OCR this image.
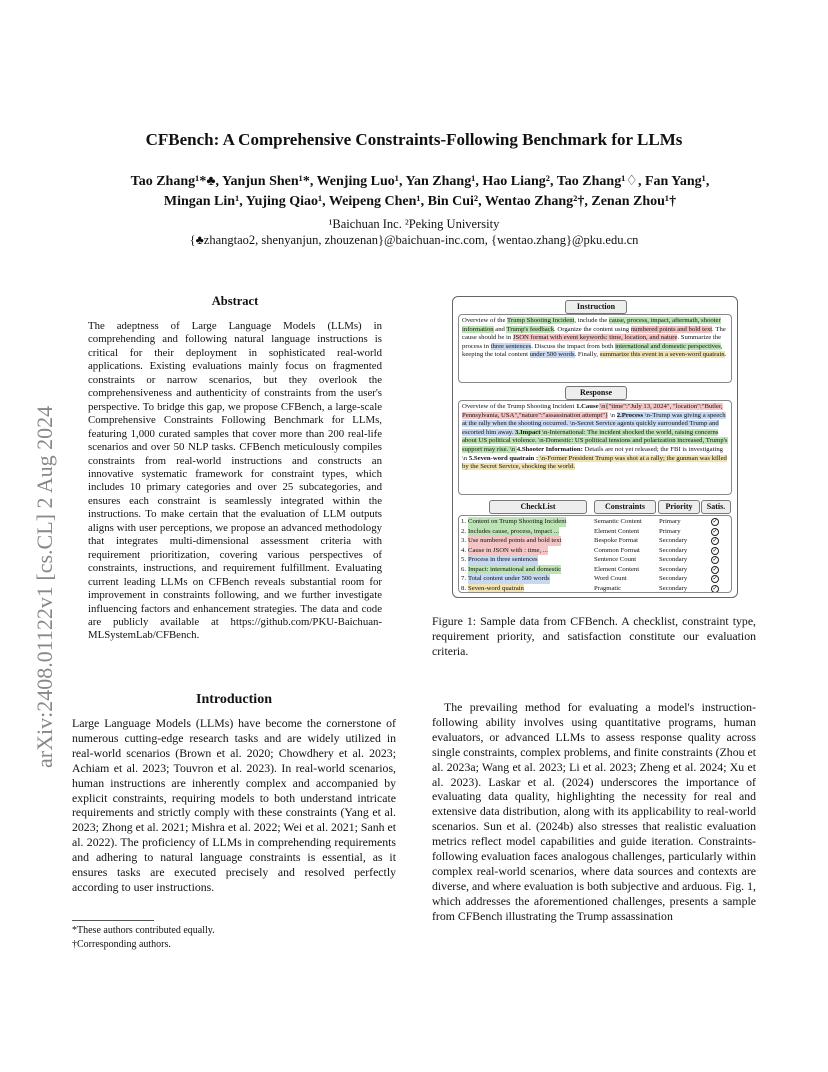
CFBench: A Comprehensive Constraints-Following Benchmark for LLMs
Tao Zhang¹*♣, Yanjun Shen¹*, Wenjing Luo¹, Yan Zhang¹, Hao Liang², Tao Zhang¹♢, Fan Yang¹,
Mingan Lin¹, Yujing Qiao¹, Weipeng Chen¹, Bin Cui², Wentao Zhang²†, Zenan Zhou¹†
¹Baichuan Inc. ²Peking University
{♣zhangtao2, shenyanjun, zhouzenan}@baichuan-inc.com, {wentao.zhang}@pku.edu.cn
arXiv:2408.01122v1 [cs.CL] 2 Aug 2024
Abstract
The adeptness of Large Language Models (LLMs) in comprehending and following natural language instructions is critical for their deployment in sophisticated real-world applications. Existing evaluations mainly focus on fragmented constraints or narrow scenarios, but they overlook the comprehensiveness and authenticity of constraints from the user's perspective. To bridge this gap, we propose CFBench, a large-scale Comprehensive Constraints Following Benchmark for LLMs, featuring 1,000 curated samples that cover more than 200 real-life scenarios and over 50 NLP tasks. CFBench meticulously compiles constraints from real-world instructions and constructs an innovative systematic framework for constraint types, which includes 10 primary categories and over 25 subcategories, and ensures each constraint is seamlessly integrated within the instructions. To make certain that the evaluation of LLM outputs aligns with user perceptions, we propose an advanced methodology that integrates multi-dimensional assessment criteria with requirement prioritization, covering various perspectives of constraints, instructions, and requirement fulfillment. Evaluating current leading LLMs on CFBench reveals substantial room for improvement in constraints following, and we further investigate influencing factors and enhancement strategies. The data and code are publicly available at https://github.com/PKU-Baichuan-MLSystemLab/CFBench.
Introduction
Large Language Models (LLMs) have become the cornerstone of numerous cutting-edge research tasks and are widely utilized in real-world scenarios (Brown et al. 2020; Chowdhery et al. 2023; Achiam et al. 2023; Touvron et al. 2023). In real-world scenarios, human instructions are inherently complex and accompanied by explicit constraints, requiring models to both understand intricate requirements and strictly comply with these constraints (Yang et al. 2023; Zhong et al. 2021; Mishra et al. 2022; Wei et al. 2021; Sanh et al. 2022). The proficiency of LLMs in comprehending requirements and adhering to natural language constraints is essential, as it ensures tasks are executed precisely and resolved perfectly according to user instructions.
*These authors contributed equally.
†Corresponding authors.
Instruction
Overview of the Trump Shooting Incident, include the cause, process, impact, aftermath, shooter information and Trump's feedback. Organize the content using numbered points and bold text. The cause should be in JSON format with event keywords: time, location, and nature. Summarize the process in three sentences. Discuss the impact from both international and domestic perspectives, keeping the total content under 500 words. Finally, summarize this event in a seven-word quatrain.
Response
Overview of the Trump Shooting Incident 1.Cause \n{"time":"July 13, 2024", "location":"Butler, Pennsylvania, USA","nature":"assassination attempt"} \n 2.Process \n-Trump was giving a speech at the rally when the shooting occurred. \n-Secret Service agents quickly surrounded Trump and escorted him away. 3.Impact \n-International: The incident shocked the world, raising concerns about US political violence. \n-Domestic: US political tensions and polarization increased, Trump's support may rise. \n 4.Shooter Information: Details are not yet released; the FBI is investigating \n 5.Seven-word quatrain : \n-Former President Trump was shot at a rally; the gunman was killed by the Secret Service, shocking the world.
CheckList	Constraints	Priority	Satis.
1. Content on Trump Shooting Incident	Semantic Content	Primary	✓
2. Includes cause, process, impact ...	Element Content	Primary	✓
3. Use numbered points and bold text	Bespoke Format	Secondary	✓
4. Cause in JSON with : time, ...	Common Format	Secondary	✓
5. Process in three sentences	Sentence Count	Secondary	✓
6. Impact: international and domestic	Element Content	Secondary	✓
7. Total content under 500 words	Word Count	Secondary	✓
8. Seven-word quatrain	Pragmatic	Secondary	✓
Figure 1: Sample data from CFBench. A checklist, constraint type, requirement priority, and satisfaction constitute our evaluation criteria.
The prevailing method for evaluating a model's instruction-following ability involves using quantitative programs, human evaluators, or advanced LLMs to assess response quality across single constraints, complex problems, and finite constraints (Zhou et al. 2023a; Wang et al. 2023; Li et al. 2023; Zheng et al. 2024; Xu et al. 2023). Laskar et al. (2024) underscores the importance of evaluating data quality, highlighting the necessity for real and extensive data distribution, along with its applicability to real-world scenarios. Sun et al. (2024b) also stresses that realistic evaluation metrics reflect model capabilities and guide iteration. Constraints-following evaluation faces analogous challenges, particularly within complex real-world scenarios, where data sources and contexts are diverse, and where evaluation is both subjective and arduous. Fig. 1, which addresses the aforementioned challenges, presents a sample from CFBench illustrating the Trump assassination
